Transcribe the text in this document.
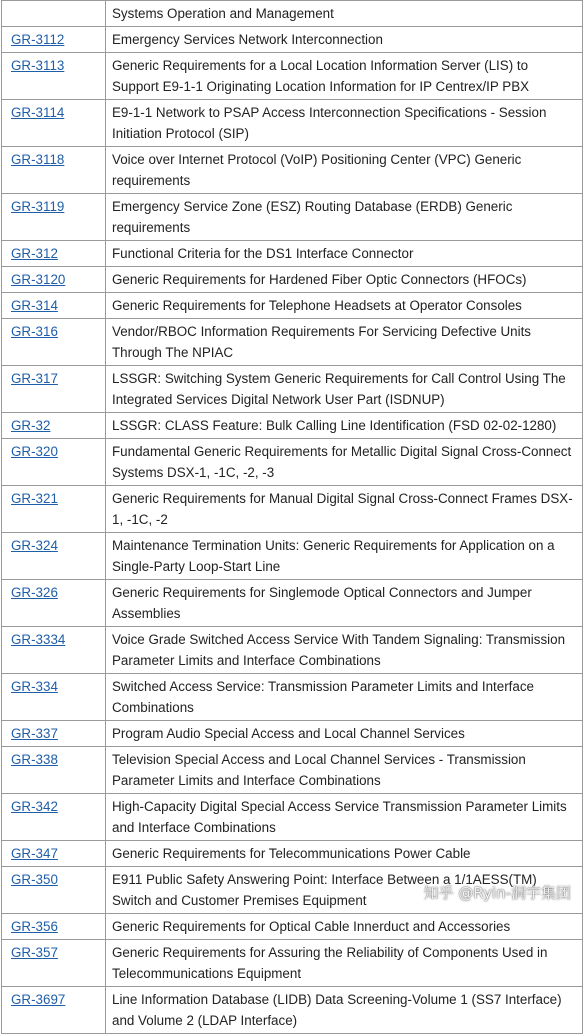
	Systems Operation and Management
GR-3112	Emergency Services Network Interconnection
GR-3113	Generic Requirements for a Local Location Information Server (LIS) to Support E9-1-1 Originating Location Information for IP Centrex/IP PBX
GR-3114	E9-1-1 Network to PSAP Access Interconnection Specifications - Session Initiation Protocol (SIP)
GR-3118	Voice over Internet Protocol (VoIP) Positioning Center (VPC) Generic requirements
GR-3119	Emergency Service Zone (ESZ) Routing Database (ERDB) Generic requirements
GR-312	Functional Criteria for the DS1 Interface Connector
GR-3120	Generic Requirements for Hardened Fiber Optic Connectors (HFOCs)
GR-314	Generic Requirements for Telephone Headsets at Operator Consoles
GR-316	Vendor/RBOC Information Requirements For Servicing Defective Units Through The NPIAC
GR-317	LSSGR: Switching System Generic Requirements for Call Control Using The Integrated Services Digital Network User Part (ISDNUP)
GR-32	LSSGR: CLASS Feature: Bulk Calling Line Identification (FSD 02-02-1280)
GR-320	Fundamental Generic Requirements for Metallic Digital Signal Cross-Connect Systems DSX-1, -1C, -2, -3
GR-321	Generic Requirements for Manual Digital Signal Cross-Connect Frames DSX-1, -1C, -2
GR-324	Maintenance Termination Units: Generic Requirements for Application on a Single-Party Loop-Start Line
GR-326	Generic Requirements for Singlemode Optical Connectors and Jumper Assemblies
GR-3334	Voice Grade Switched Access Service With Tandem Signaling: Transmission Parameter Limits and Interface Combinations
GR-334	Switched Access Service: Transmission Parameter Limits and Interface Combinations
GR-337	Program Audio Special Access and Local Channel Services
GR-338	Television Special Access and Local Channel Services - Transmission Parameter Limits and Interface Combinations
GR-342	High-Capacity Digital Special Access Service Transmission Parameter Limits and Interface Combinations
GR-347	Generic Requirements for Telecommunications Power Cable
GR-350	E911 Public Safety Answering Point: Interface Between a 1/1AESS(TM) Switch and Customer Premises Equipment
GR-356	Generic Requirements for Optical Cable Innerduct and Accessories
GR-357	Generic Requirements for Assuring the Reliability of Components Used in Telecommunications Equipment
GR-3697	Line Information Database (LIDB) Data Screening-Volume 1 (SS7 Interface) and Volume 2 (LDAP Interface)
知乎 @Ryin-洞宇集团
